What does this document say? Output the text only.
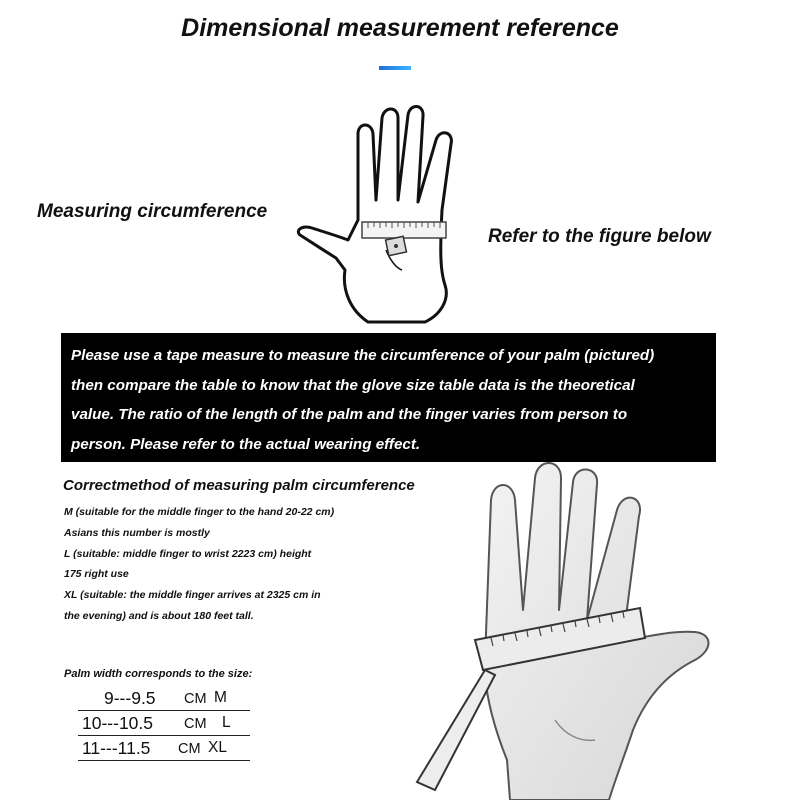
Dimensional measurement reference
Measuring circumference
Refer to the figure below

Please use a tape measure to measure the circumference of your palm (pictured)

then compare the table to know that the glove size table data is the theoretical

value. The ratio of the length of the palm and the finger varies from person to

person. Please refer to the actual wearing effect.

Correctmethod of measuring palm circumference
M (suitable for the middle finger to the hand 20-22 cm)
Asians this number is mostly
L (suitable: middle finger to wrist 2223 cm) height
175 right use
XL (suitable: the middle finger arrives at 2325 cm in
the evening) and is about 180 feet tall.
Palm width corresponds to the size:
9---9.5 CM M
10---10.5 CM L
11---11.5 CM XL
